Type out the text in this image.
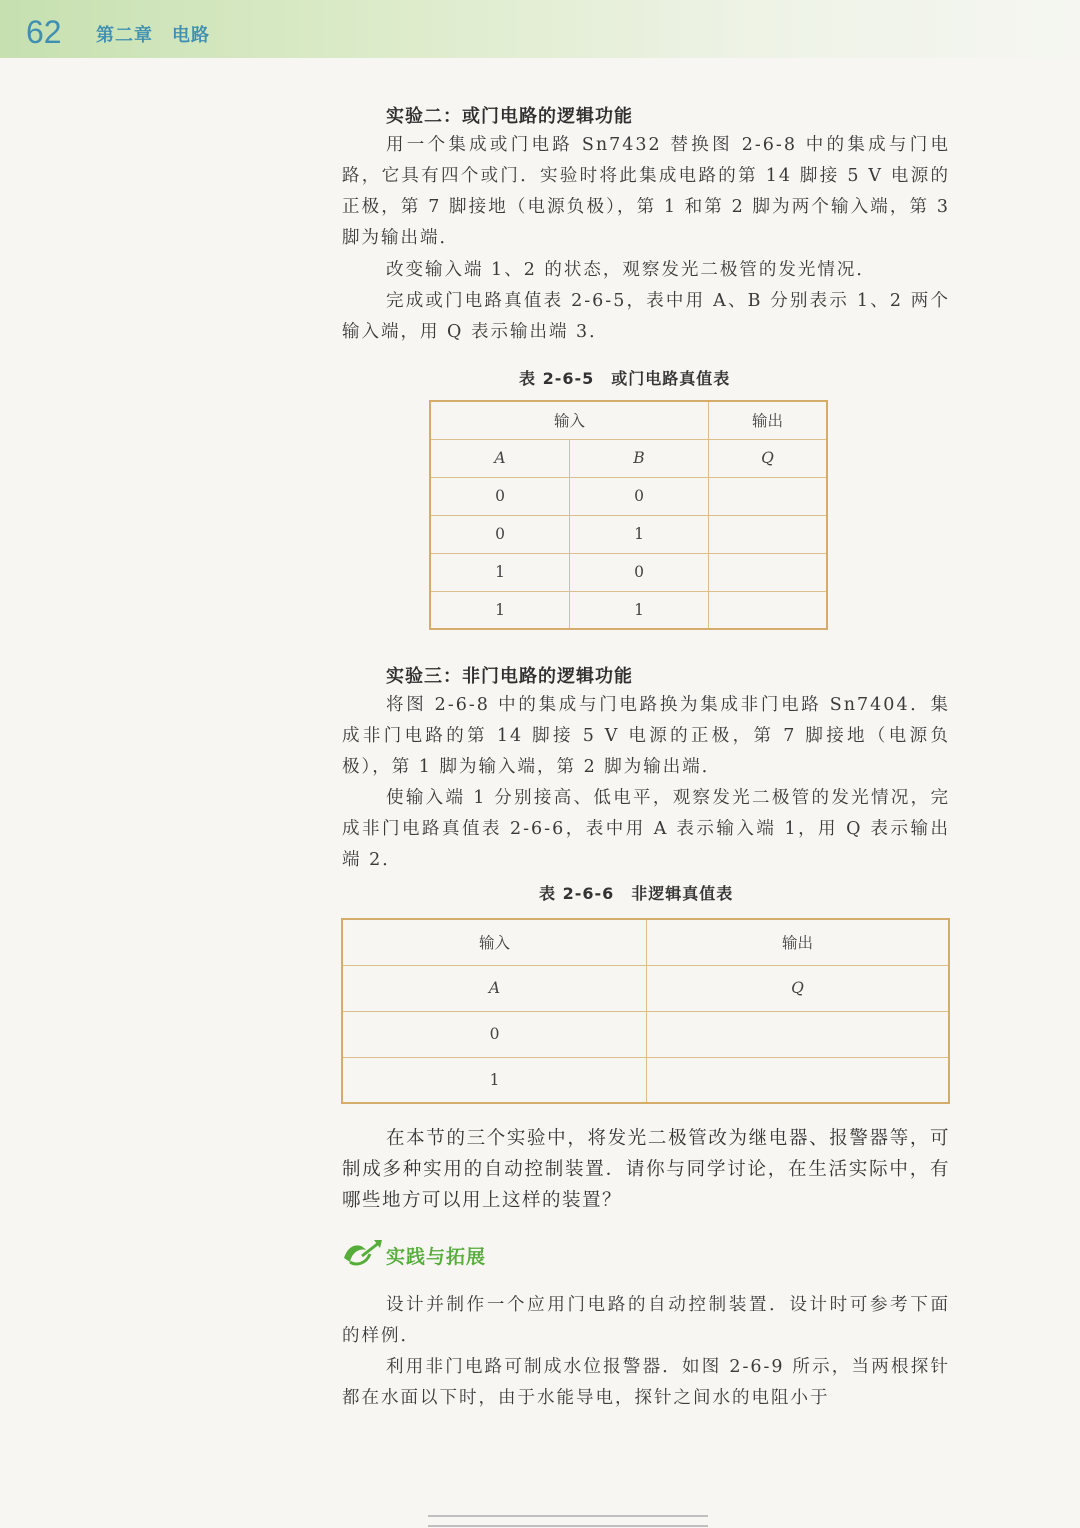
62 第二章　电路
实验二：或门电路的逻辑功能

用一个集成或门电路 Sn7432 替换图 2-6-8 中的集成与门电路，它具有四个或门．实验时将此集成电路的第 14 脚接 5 V 电源的正极，第 7 脚接地（电源负极），第 1 和第 2 脚为两个输入端，第 3 脚为输出端．

改变输入端 1、2 的状态，观察发光二极管的发光情况．

完成或门电路真值表 2-6-5，表中用 A、B 分别表示 1、2 两个输入端，用 Q 表示输出端 3．

表 2-6-5　或门电路真值表
输入		输出
A	B	Q
0	0	
0	1	
1	0	
1	1	
实验三：非门电路的逻辑功能

将图 2-6-8 中的集成与门电路换为集成非门电路 Sn7404．集成非门电路的第 14 脚接 5 V 电源的正极，第 7 脚接地（电源负极），第 1 脚为输入端，第 2 脚为输出端．

使输入端 1 分别接高、低电平，观察发光二极管的发光情况，完成非门电路真值表 2-6-6，表中用 A 表示输入端 1，用 Q 表示输出端 2．

表 2-6-6　非逻辑真值表
输入	输出
A	Q
0	
1	

在本节的三个实验中，将发光二极管改为继电器、报警器等，可制成多种实用的自动控制装置．请你与同学讨论，在生活实际中，有哪些地方可以用上这样的装置？

实践与拓展

设计并制作一个应用门电路的自动控制装置．设计时可参考下面的样例．

利用非门电路可制成水位报警器．如图 2-6-9 所示，当两根探针都在水面以下时，由于水能导电，探针之间水的电阻小于
